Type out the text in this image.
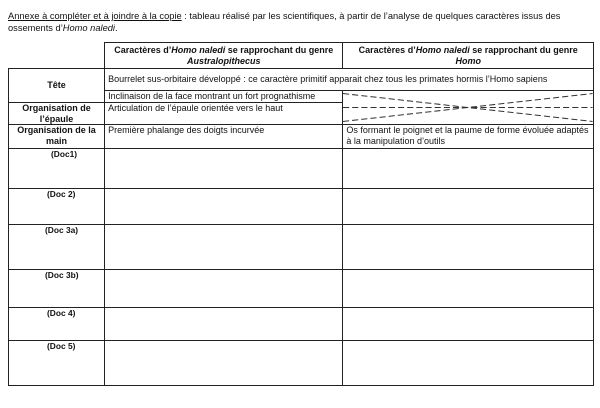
Annexe à compléter et à joindre à la copie : tableau réalisé par les scientifiques, à partir de l’analyse de quelques caractères issus des ossements d’Homo naledi.
	Caractères d’Homo naledi se rapprochant du genre Australopithecus	Caractères d’Homo naledi se rapprochant du genre Homo
Tête	Bourrelet sus-orbitaire développé : ce caractère primitif apparait chez tous les primates hormis l’Homo sapiens	

	Inclinaison de la face montrant un fort prognathisme

Organisation de l’épaule	Articulation de l’épaule orientée vers le haut	

Organisation de la main	Première phalange des doigts incurvée	Os formant le poignet et la paume de forme évoluée adaptés à la manipulation d’outils

(Doc1)		
(Doc 2)		
(Doc 3a)		
(Doc 3b)		
(Doc 4)		
(Doc 5)		
